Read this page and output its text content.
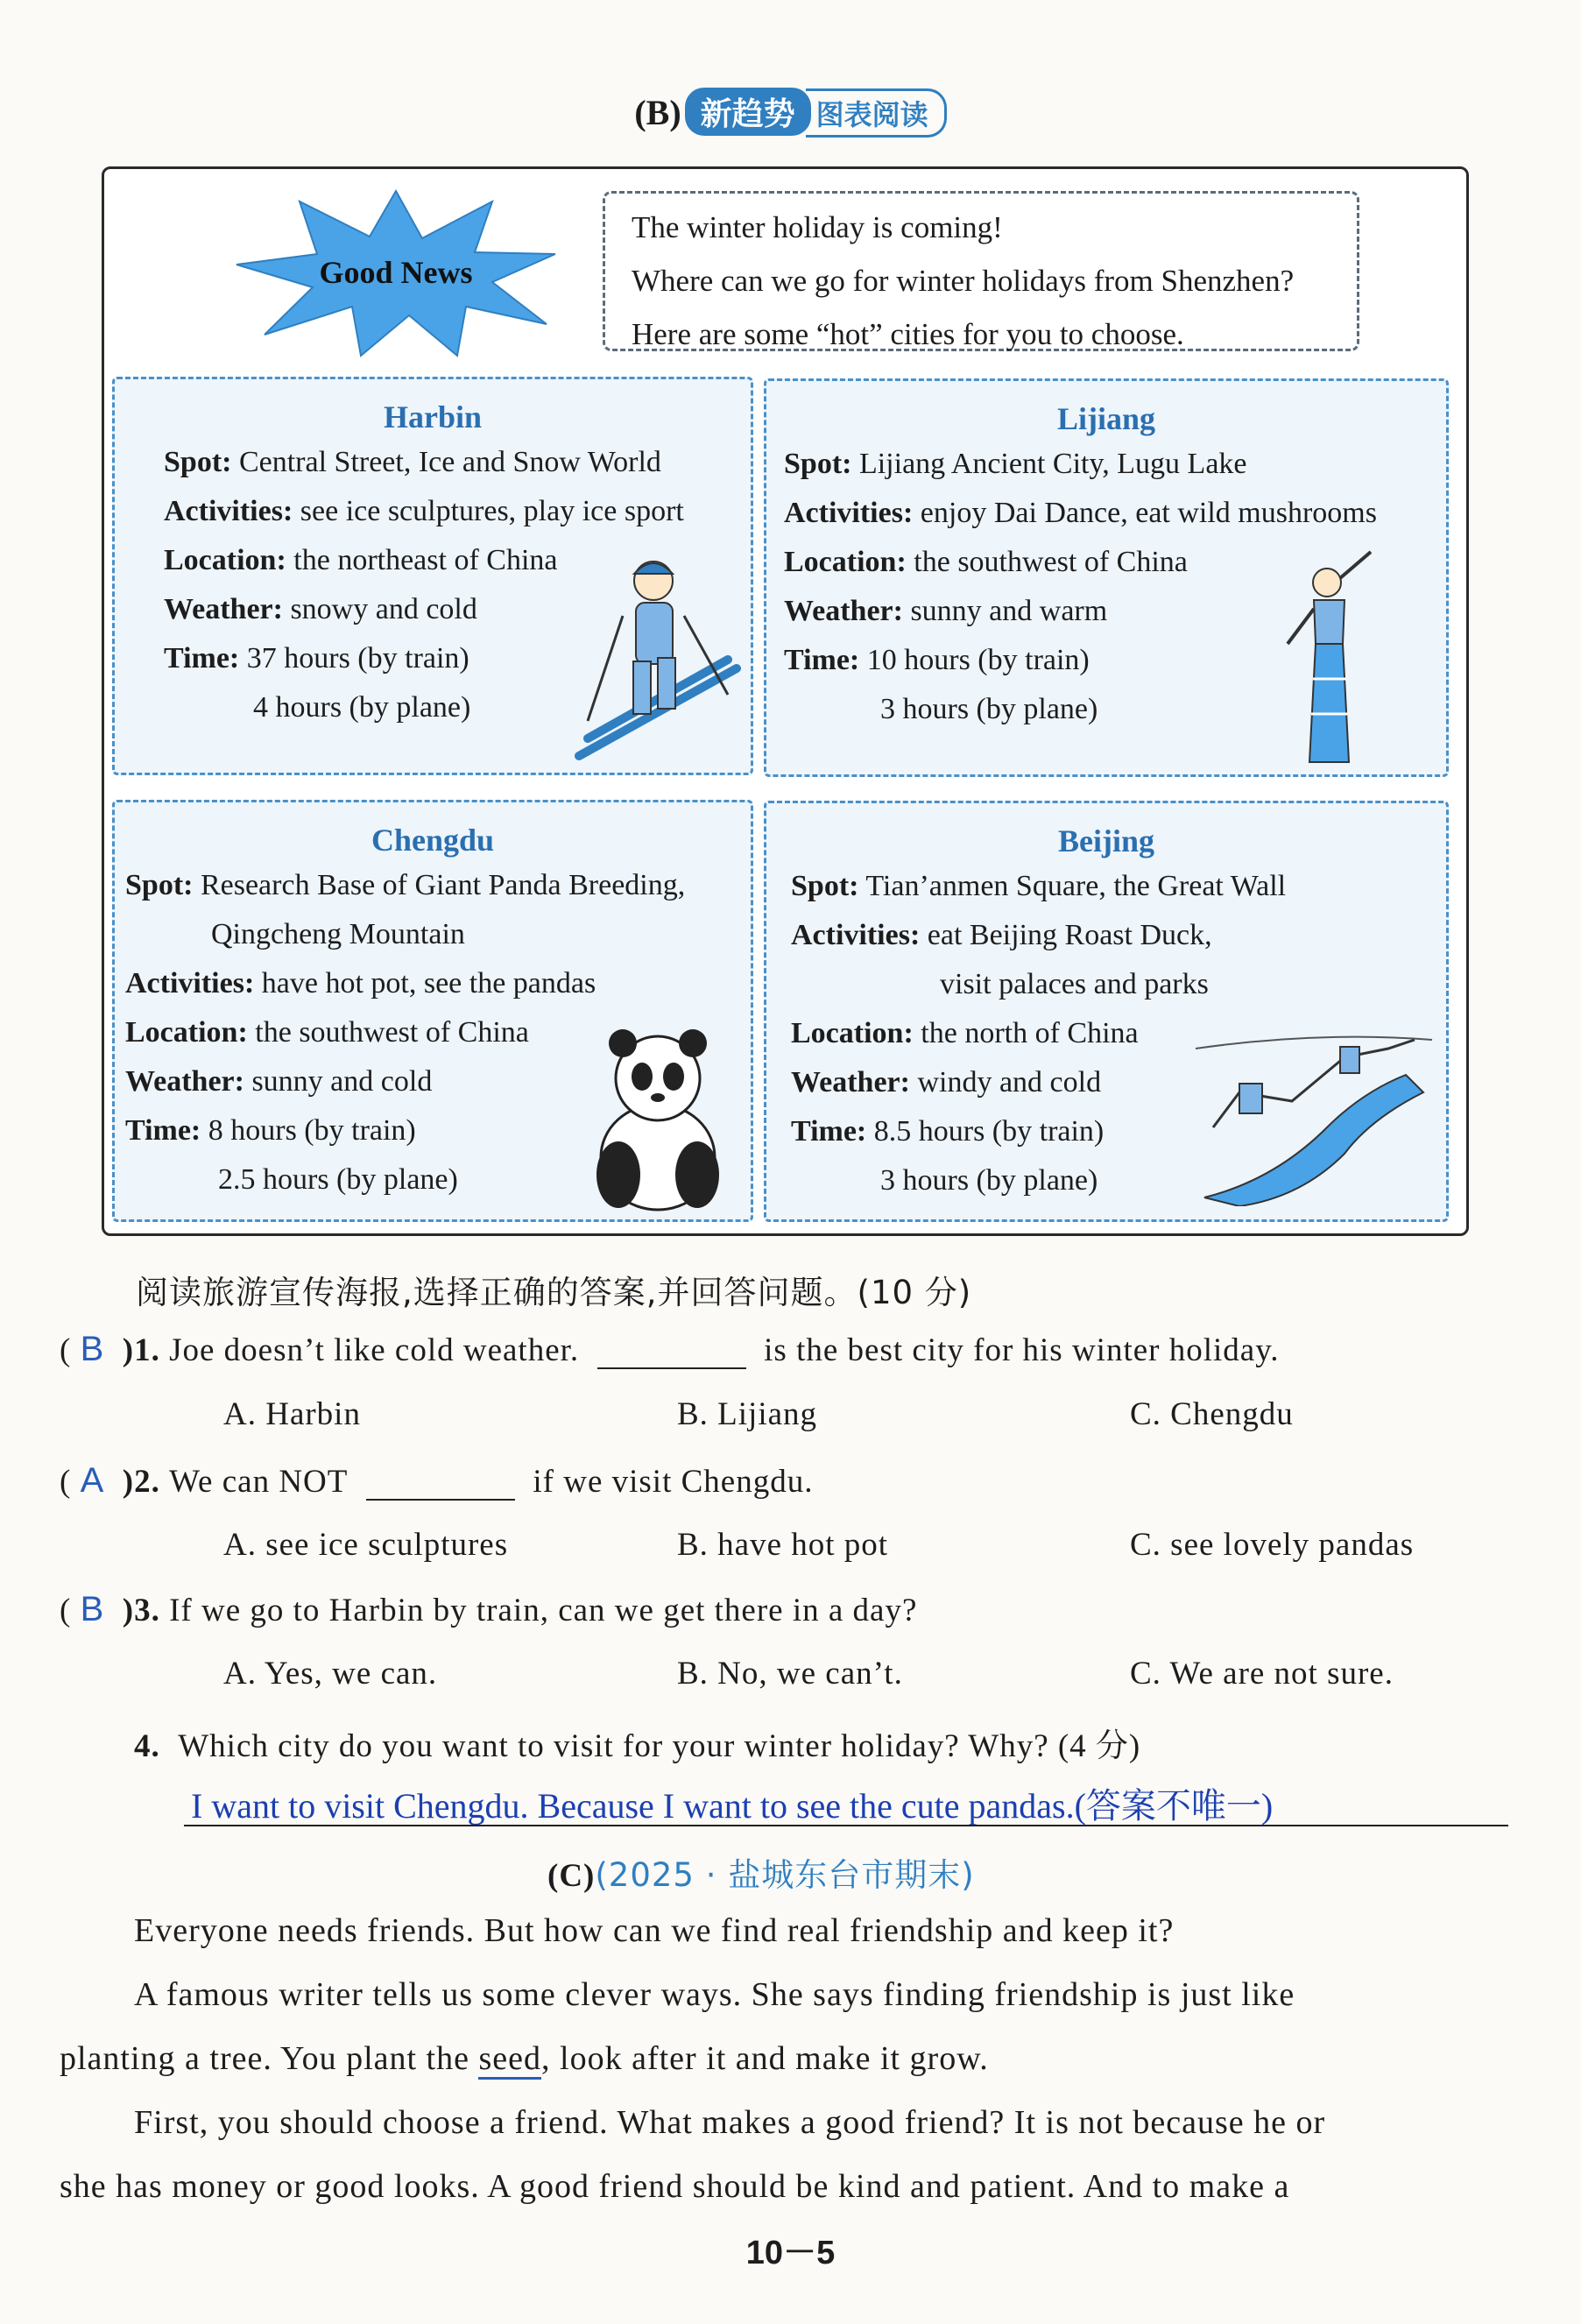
(B) 新趋势 图表阅读
Good News
The winter holiday is coming!
Where can we go for winter holidays from Shenzhen?
Here are some “hot” cities for you to choose.
Harbin
Spot: Central Street, Ice and Snow World
Activities: see ice sculptures, play ice sport
Location: the northeast of China
Weather: snowy and cold
Time: 37 hours (by train)
4 hours (by plane)
Lijiang
Spot: Lijiang Ancient City, Lugu Lake
Activities: enjoy Dai Dance, eat wild mushrooms
Location: the southwest of China
Weather: sunny and warm
Time: 10 hours (by train)
3 hours (by plane)
Chengdu
Spot: Research Base of Giant Panda Breeding,
Qingcheng Mountain
Activities: have hot pot, see the pandas
Location: the southwest of China
Weather: sunny and cold
Time: 8 hours (by train)
2.5 hours (by plane)
Beijing
Spot: Tian’anmen Square, the Great Wall
Activities: eat Beijing Roast Duck,
visit palaces and parks
Location: the north of China
Weather: windy and cold
Time: 8.5 hours (by train)
3 hours (by plane)
阅读旅游宣传海报,选择正确的答案,并回答问题。(10 分)
( B )1. Joe doesn’t like cold weather.	is the best city for his winter holiday.
A. Harbin	B. Lijiang	C. Chengdu
( A )2. We can NOT	if we visit Chengdu.
A. see ice sculptures	B. have hot pot	C. see lovely pandas
( B )3. If we go to Harbin by train, can we get there in a day?
A. Yes, we can.	B. No, we can’t.	C. We are not sure.
4. Which city do you want to visit for your winter holiday? Why? (4 分)
I want to visit Chengdu. Because I want to see the cute pandas.(答案不唯一)
(C)(2025 · 盐城东台市期末)
Everyone needs friends. But how can we find real friendship and keep it?
A famous writer tells us some clever ways. She says finding friendship is just like
planting a tree. You plant the seed, look after it and make it grow.
First, you should choose a friend. What makes a good friend? It is not because he or
she has money or good looks. A good friend should be kind and patient. And to make a
10－5
